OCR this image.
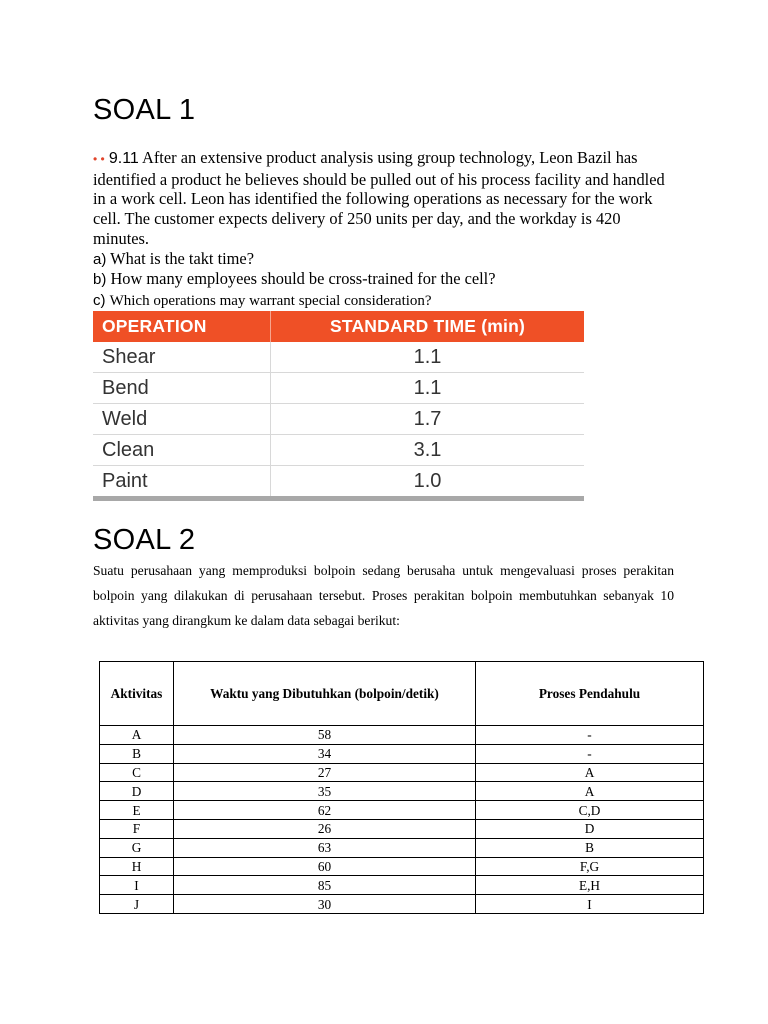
SOAL 1

• • 9.11 After an extensive product analysis using group technology, Leon Bazil has identified a product he believes should be pulled out of his process facility and handled in a work cell. Leon has identified the following operations as necessary for the work cell. The customer expects delivery of 250 units per day, and the workday is 420 minutes.

a) What is the takt time?

b) How many employees should be cross-trained for the cell?

c) Which operations may warrant special consideration?

OPERATION	STANDARD TIME (min)
Shear	1.1
Bend	1.1
Weld	1.7
Clean	3.1
Paint	1.0
SOAL 2

Suatu perusahaan yang memproduksi bolpoin sedang berusaha untuk mengevaluasi proses perakitan bolpoin yang dilakukan di perusahaan tersebut. Proses perakitan bolpoin membutuhkan sebanyak 10 aktivitas yang dirangkum ke dalam data sebagai berikut:

Aktivitas	Waktu yang Dibutuhkan (bolpoin/detik)	Proses Pendahulu
A	58	-
B	34	-
C	27	A
D	35	A
E	62	C,D
F	26	D
G	63	B
H	60	F,G
I	85	E,H
J	30	I
